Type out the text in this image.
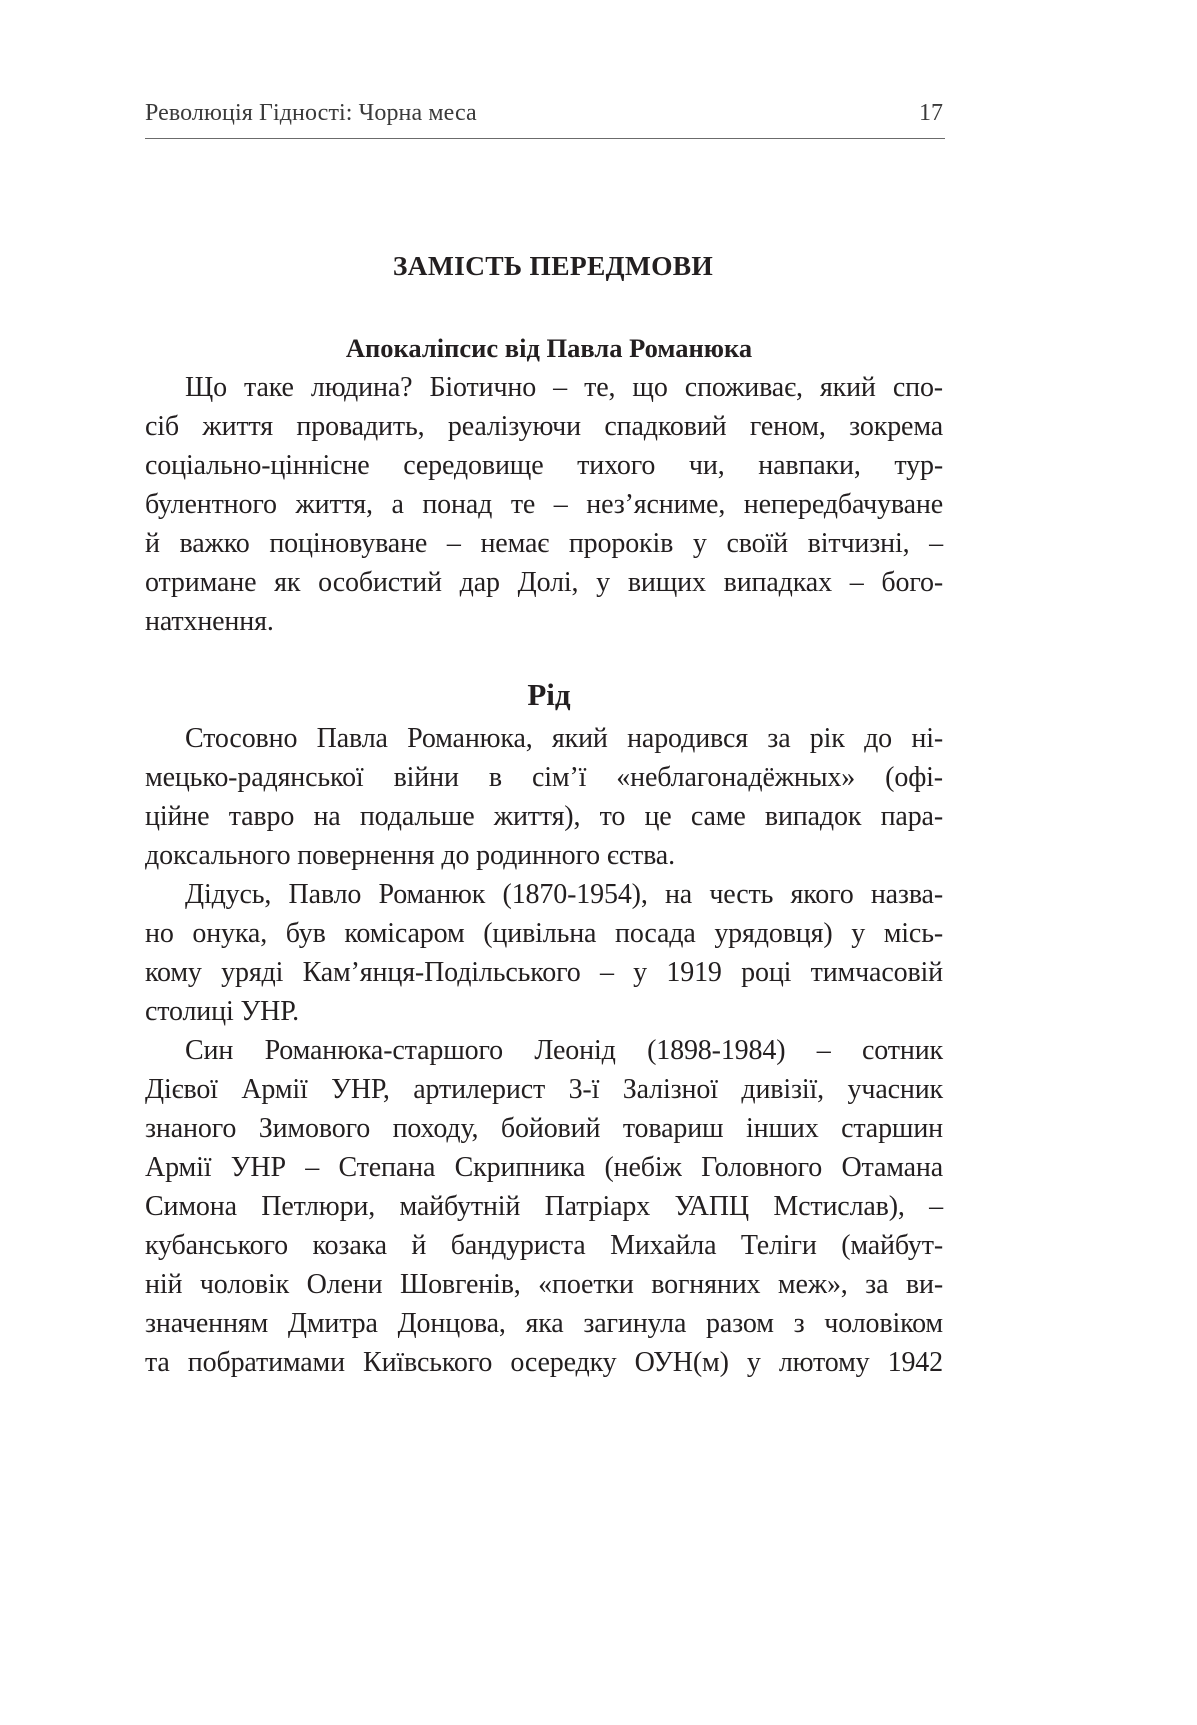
Революція Гідності: Чорна меса	17
ЗАМІСТЬ ПЕРЕДМОВИ
Апокаліпсис від Павла Романюка

Що таке людина? Біотично – те, що споживає, який спо-
сіб життя провадить, реалізуючи спадковий геном, зокрема
соціально-ціннісне середовище тихого чи, навпаки, тур-
булентного життя, а понад те – нез’ясниме, непередбачуване
й важко поціновуване – немає пророків у своїй вітчизні, –
отримане як особистий дар Долі, у вищих випадках – бого-
натхнення.

Рід

Стосовно Павла Романюка, який народився за рік до ні-
мецько-радянської війни в сім’ї «неблагонадёжных» (офі-
ційне тавро на подальше життя), то це саме випадок пара-
доксального повернення до родинного єства.

Дідусь, Павло Романюк (1870-1954), на честь якого назва-
но онука, був комісаром (цивільна посада урядовця) у місь-
кому уряді Кам’янця-Подільського – у 1919 році тимчасовій
столиці УНР.

Син Романюка-старшого Леонід (1898-1984) – сотник
Дієвої Армії УНР, артилерист 3-ї Залізної дивізії, учасник
знаного Зимового походу, бойовий товариш інших старшин
Армії УНР – Степана Скрипника (небіж Головного Отамана
Симона Петлюри, майбутній Патріарх УАПЦ Мстислав), –
кубанського козака й бандуриста Михайла Теліги (майбут-
ній чоловік Олени Шовгенів, «поетки вогняних меж», за ви-
значенням Дмитра Донцова, яка загинула разом з чоловіком
та побратимами Київського осередку ОУН(м) у лютому 1942
